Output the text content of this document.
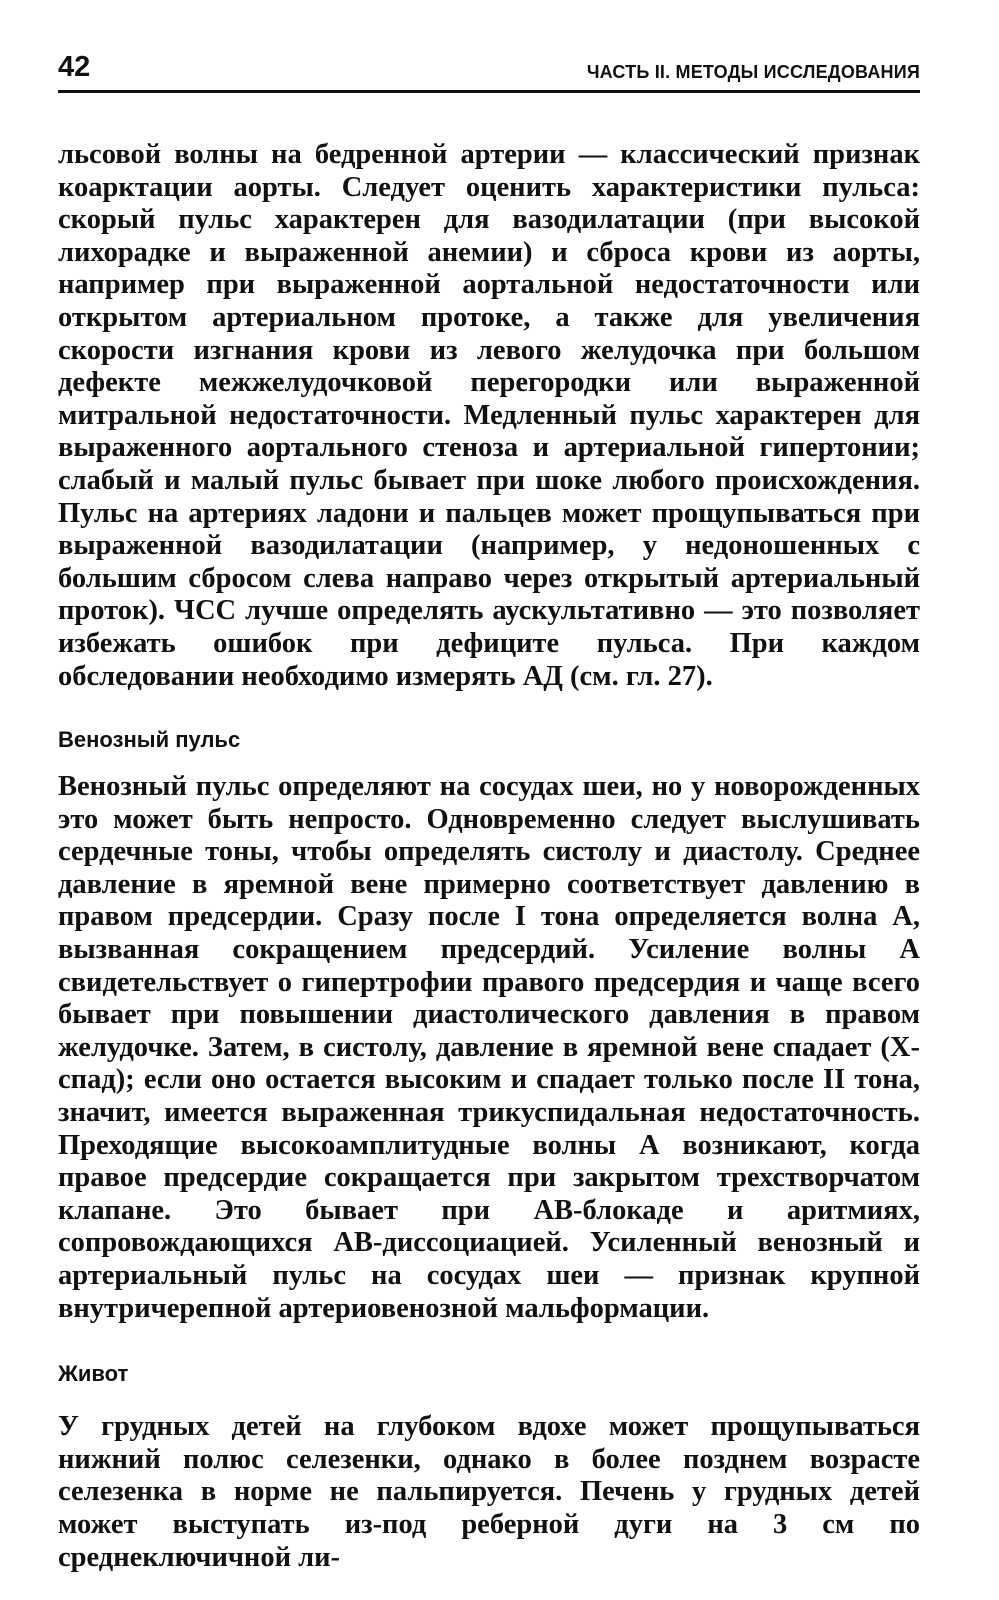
42	ЧАСТЬ II. МЕТОДЫ ИССЛЕДОВАНИЯ

льсовой волны на бедренной артерии — классический признак коарктации аорты. Следует оценить характеристики пульса: скорый пульс характерен для вазодилатации (при высокой лихорадке и выраженной анемии) и сброса крови из аорты, например при выраженной аортальной недостаточности или открытом артериальном протоке, а также для увеличения скорости изгнания крови из левого желудочка при большом дефекте межжелудочковой перегородки или выраженной митральной недостаточности. Медленный пульс характерен для выраженного аортального стеноза и артериальной гипертонии; слабый и малый пульс бывает при шоке любого происхождения. Пульс на артериях ладони и пальцев может прощупываться при выраженной вазодилатации (например, у недоношенных с большим сбросом слева направо через открытый артериальный проток). ЧСС лучше определять аускультативно — это позволяет избежать ошибок при дефиците пульса. При каждом обследовании необходимо измерять АД (см. гл. 27).

Венозный пульс

Венозный пульс определяют на сосудах шеи, но у новорожденных это может быть непросто. Одновременно следует выслушивать сердечные тоны, чтобы определять систолу и диастолу. Среднее давление в яремной вене примерно соответствует давлению в правом предсердии. Сразу после I тона определяется волна А, вызванная сокращением предсердий. Усиление волны А свидетельствует о гипертрофии правого предсердия и чаще всего бывает при повышении диастолического давления в правом желудочке. Затем, в систолу, давление в яремной вене спадает (Х-спад); если оно остается высоким и спадает только после II тона, значит, имеется выраженная трикуспидальная недостаточность. Преходящие высокоамплитудные волны А возникают, когда правое предсердие сокращается при закрытом трехстворчатом клапане. Это бывает при АВ-блокаде и аритмиях, сопровождающихся АВ-диссоциацией. Усиленный венозный и артериальный пульс на сосудах шеи — признак крупной внутричерепной артериовенозной мальформации.

Живот

У грудных детей на глубоком вдохе может прощупываться нижний полюс селезенки, однако в более позднем возрасте селезенка в норме не пальпируется. Печень у грудных детей может выступать из-под реберной дуги на 3 см по среднеключичной ли-
